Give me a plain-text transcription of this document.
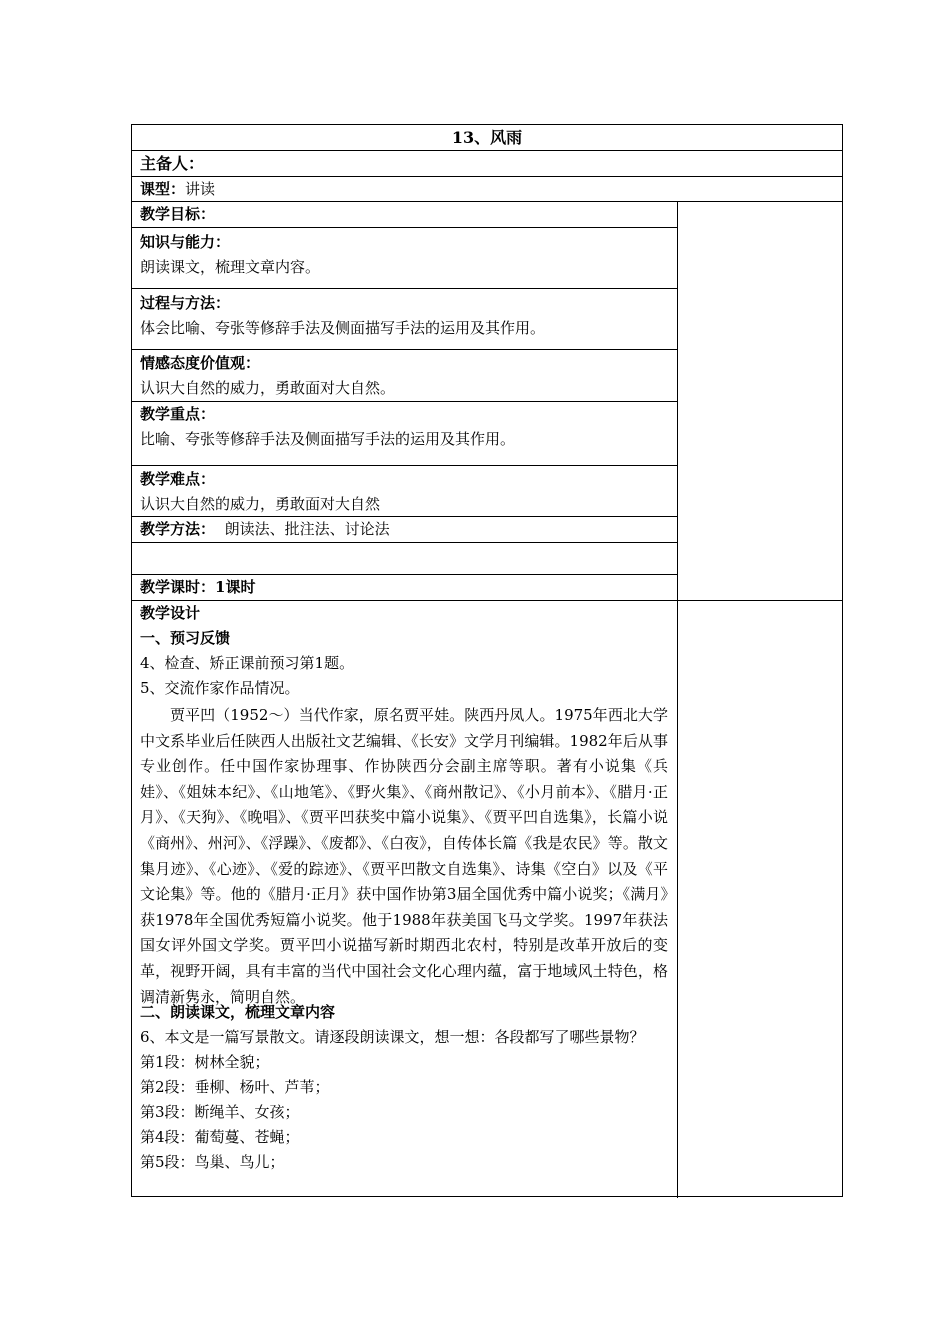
13、风雨
主备人：
课型：讲读
教学目标：
知识与能力：
朗读课文，梳理文章内容。
过程与方法：
体会比喻、夸张等修辞手法及侧面描写手法的运用及其作用。
情感态度价值观：
认识大自然的威力，勇敢面对大自然。
教学重点：
比喻、夸张等修辞手法及侧面描写手法的运用及其作用。
教学难点：
认识大自然的威力，勇敢面对大自然
教学方法： 朗读法、批注法、讨论法
教学课时：1课时
教学设计
一、预习反馈
4、检查、矫正课前预习第1题。
5、交流作家作品情况。

贾平凹（1952～）当代作家，原名贾平娃。陕西丹凤人。1975年西北大学中文系毕业后任陕西人出版社文艺编辑、《长安》文学月刊编辑。1982年后从事专业创作。任中国作家协理事、作协陕西分会副主席等职。著有小说集《兵娃》、《姐妹本纪》、《山地笔》、《野火集》、《商州散记》、《小月前本》、《腊月·正月》、《天狗》、《晚唱》、《贾平凹获奖中篇小说集》、《贾平凹自选集》，长篇小说《商州》、州河》、《浮躁》、《废都》、《白夜》，自传体长篇《我是农民》等。散文集月迹》、《心迹》、《爱的踪迹》、《贾平凹散文自选集》、诗集《空白》以及《平文论集》等。他的《腊月·正月》获中国作协第3届全国优秀中篇小说奖；《满月》获1978年全国优秀短篇小说奖。他于1988年获美国飞马文学奖。1997年获法国女评外国文学奖。贾平凹小说描写新时期西北农村，特别是改革开放后的变革，视野开阔，具有丰富的当代中国社会文化心理内蕴，富于地域风土特色，格调清新隽永，简明自然。

二、朗读课文，梳理文章内容
6、本文是一篇写景散文。请逐段朗读课文，想一想：各段都写了哪些景物？
第1段：树林全貌；
第2段：垂柳、杨叶、芦苇；
第3段：断绳羊、女孩；
第4段：葡萄蔓、苍蝇；
第5段：鸟巢、鸟儿；
